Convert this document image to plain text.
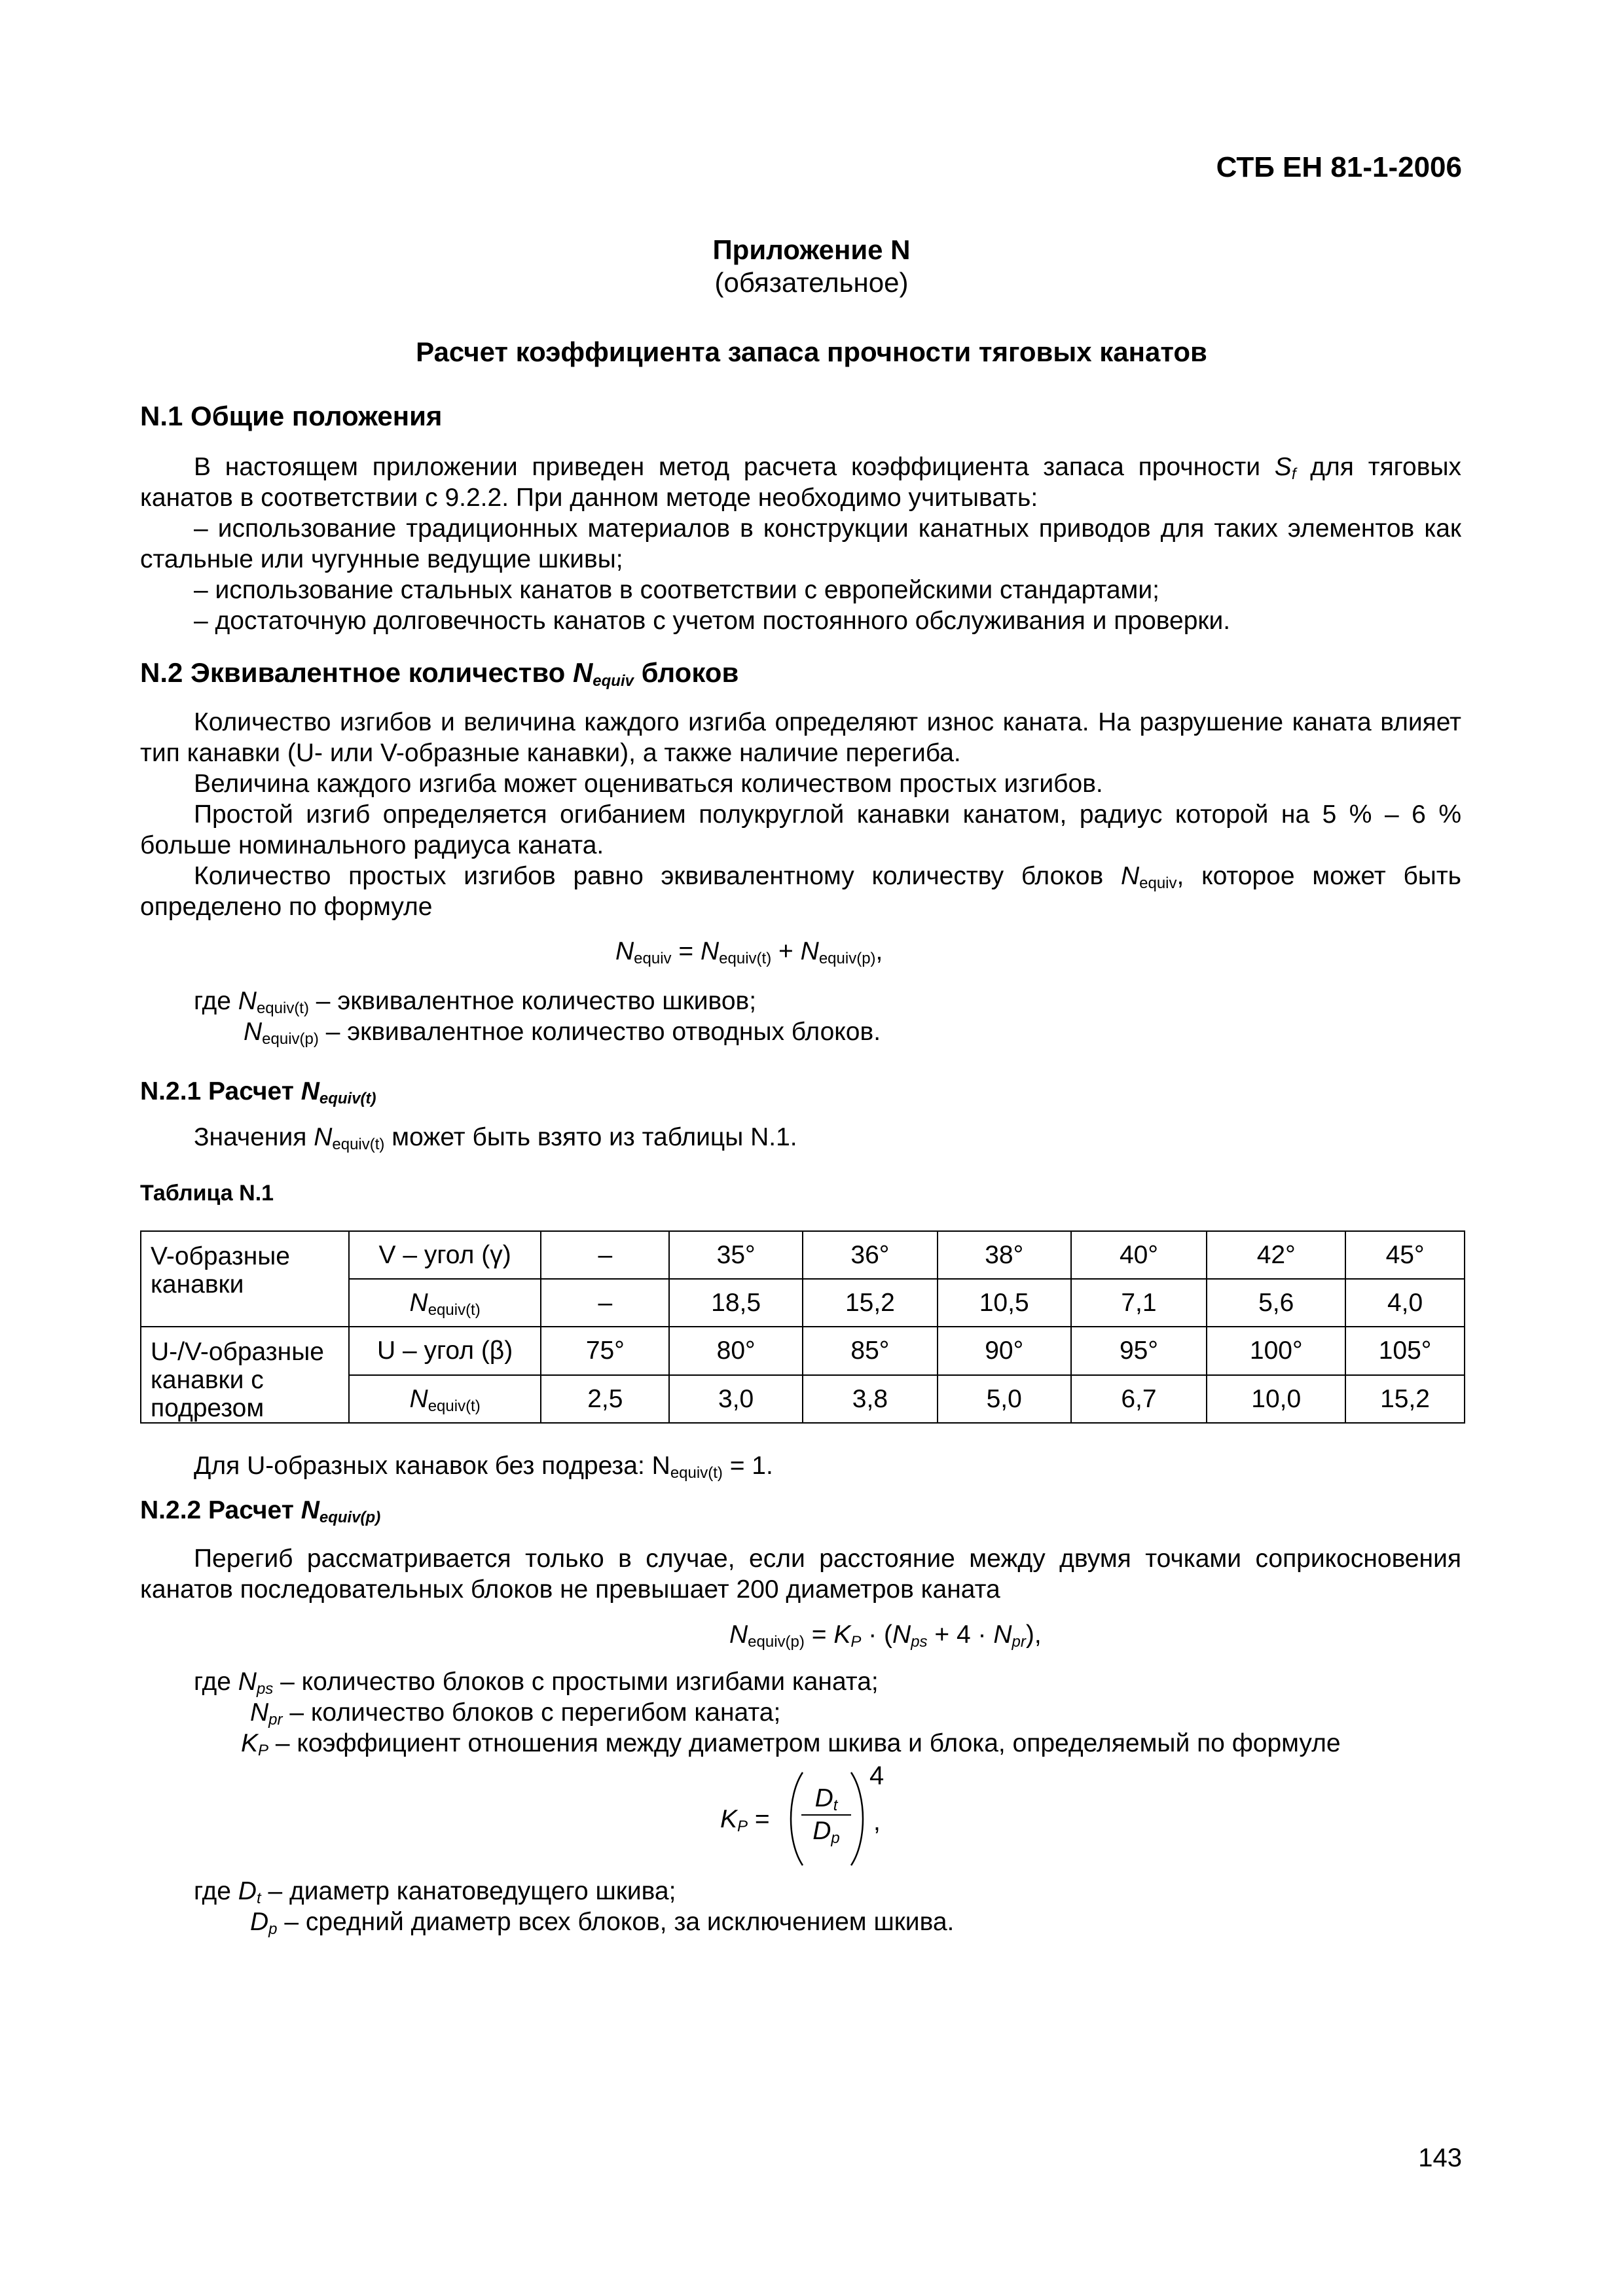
СТБ ЕН 81-1-2006
Приложение N
(обязательное)
Расчет коэффициента запаса прочности тяговых канатов
N.1 Общие положения
В настоящем приложении приведен метод расчета коэффициента запаса прочности $S_f$ для тяговых канатов в соответствии с 9.2.2. При данном методе необходимо учитывать:
– использование традиционных материалов в конструкции канатных приводов для таких элементов как стальные или чугунные ведущие шкивы;
– использование стальных канатов в соответствии с европейскими стандартами;
– достаточную долговечность канатов с учетом постоянного обслуживания и проверки.
N.2 Эквивалентное количество $N_{equiv}$ блоков
Количество изгибов и величина каждого изгиба определяют износ каната. На разрушение каната влияет тип канавки (U- или V-образные канавки), а также наличие перегиба.
Величина каждого изгиба может оцениваться количеством простых изгибов.
Простой изгиб определяется огибанием полукруглой канавки канатом, радиус которой на 5 % – 6 % больше номинального радиуса каната.
Количество простых изгибов равно эквивалентному количеству блоков $N_{equiv}$, которое может быть определено по формуле
$N_{equiv} = N_{equiv(t)} + N_{equiv(p)}$,
где $N_{equiv(t)}$ – эквивалентное количество шкивов;
$N_{equiv(p)}$ – эквивалентное количество отводных блоков.
N.2.1 Расчет $N_{equiv(t)}$
Значения $N_{equiv(t)}$ может быть взято из таблицы N.1.
Таблица N.1
V-образные канавки	V – угол (γ)	–	35°	36°	38°	40°	42°	45°
	$N_{equiv(t)}$	–	18,5	15,2	10,5	7,1	5,6	4,0
U-/V-образные канавки с подрезом	U – угол (β)	75°	80°	85°	90°	95°	100°	105°
	$N_{equiv(t)}$	2,5	3,0	3,8	5,0	6,7	10,0	15,2
Для U-образных канавок без подреза: $N_{equiv(t)} = 1$.
N.2.2 Расчет $N_{equiv(p)}$
Перегиб рассматривается только в случае, если расстояние между двумя точками соприкосновения канатов последовательных блоков не превышает 200 диаметров каната
$N_{equiv(p)} = K_P \cdot (N_{ps} + 4 \cdot N_{pr})$,
где $N_{ps}$ – количество блоков с простыми изгибами каната;
$N_{pr}$ – количество блоков с перегибом каната;
$K_P$ – коэффициент отношения между диаметром шкива и блока, определяемый по формуле
$K_P = \frac{D_t}{D_p}$
4
,
где $D_t$ – диаметр канатоведущего шкива;
$D_p$ – средний диаметр всех блоков, за исключением шкива.
143
